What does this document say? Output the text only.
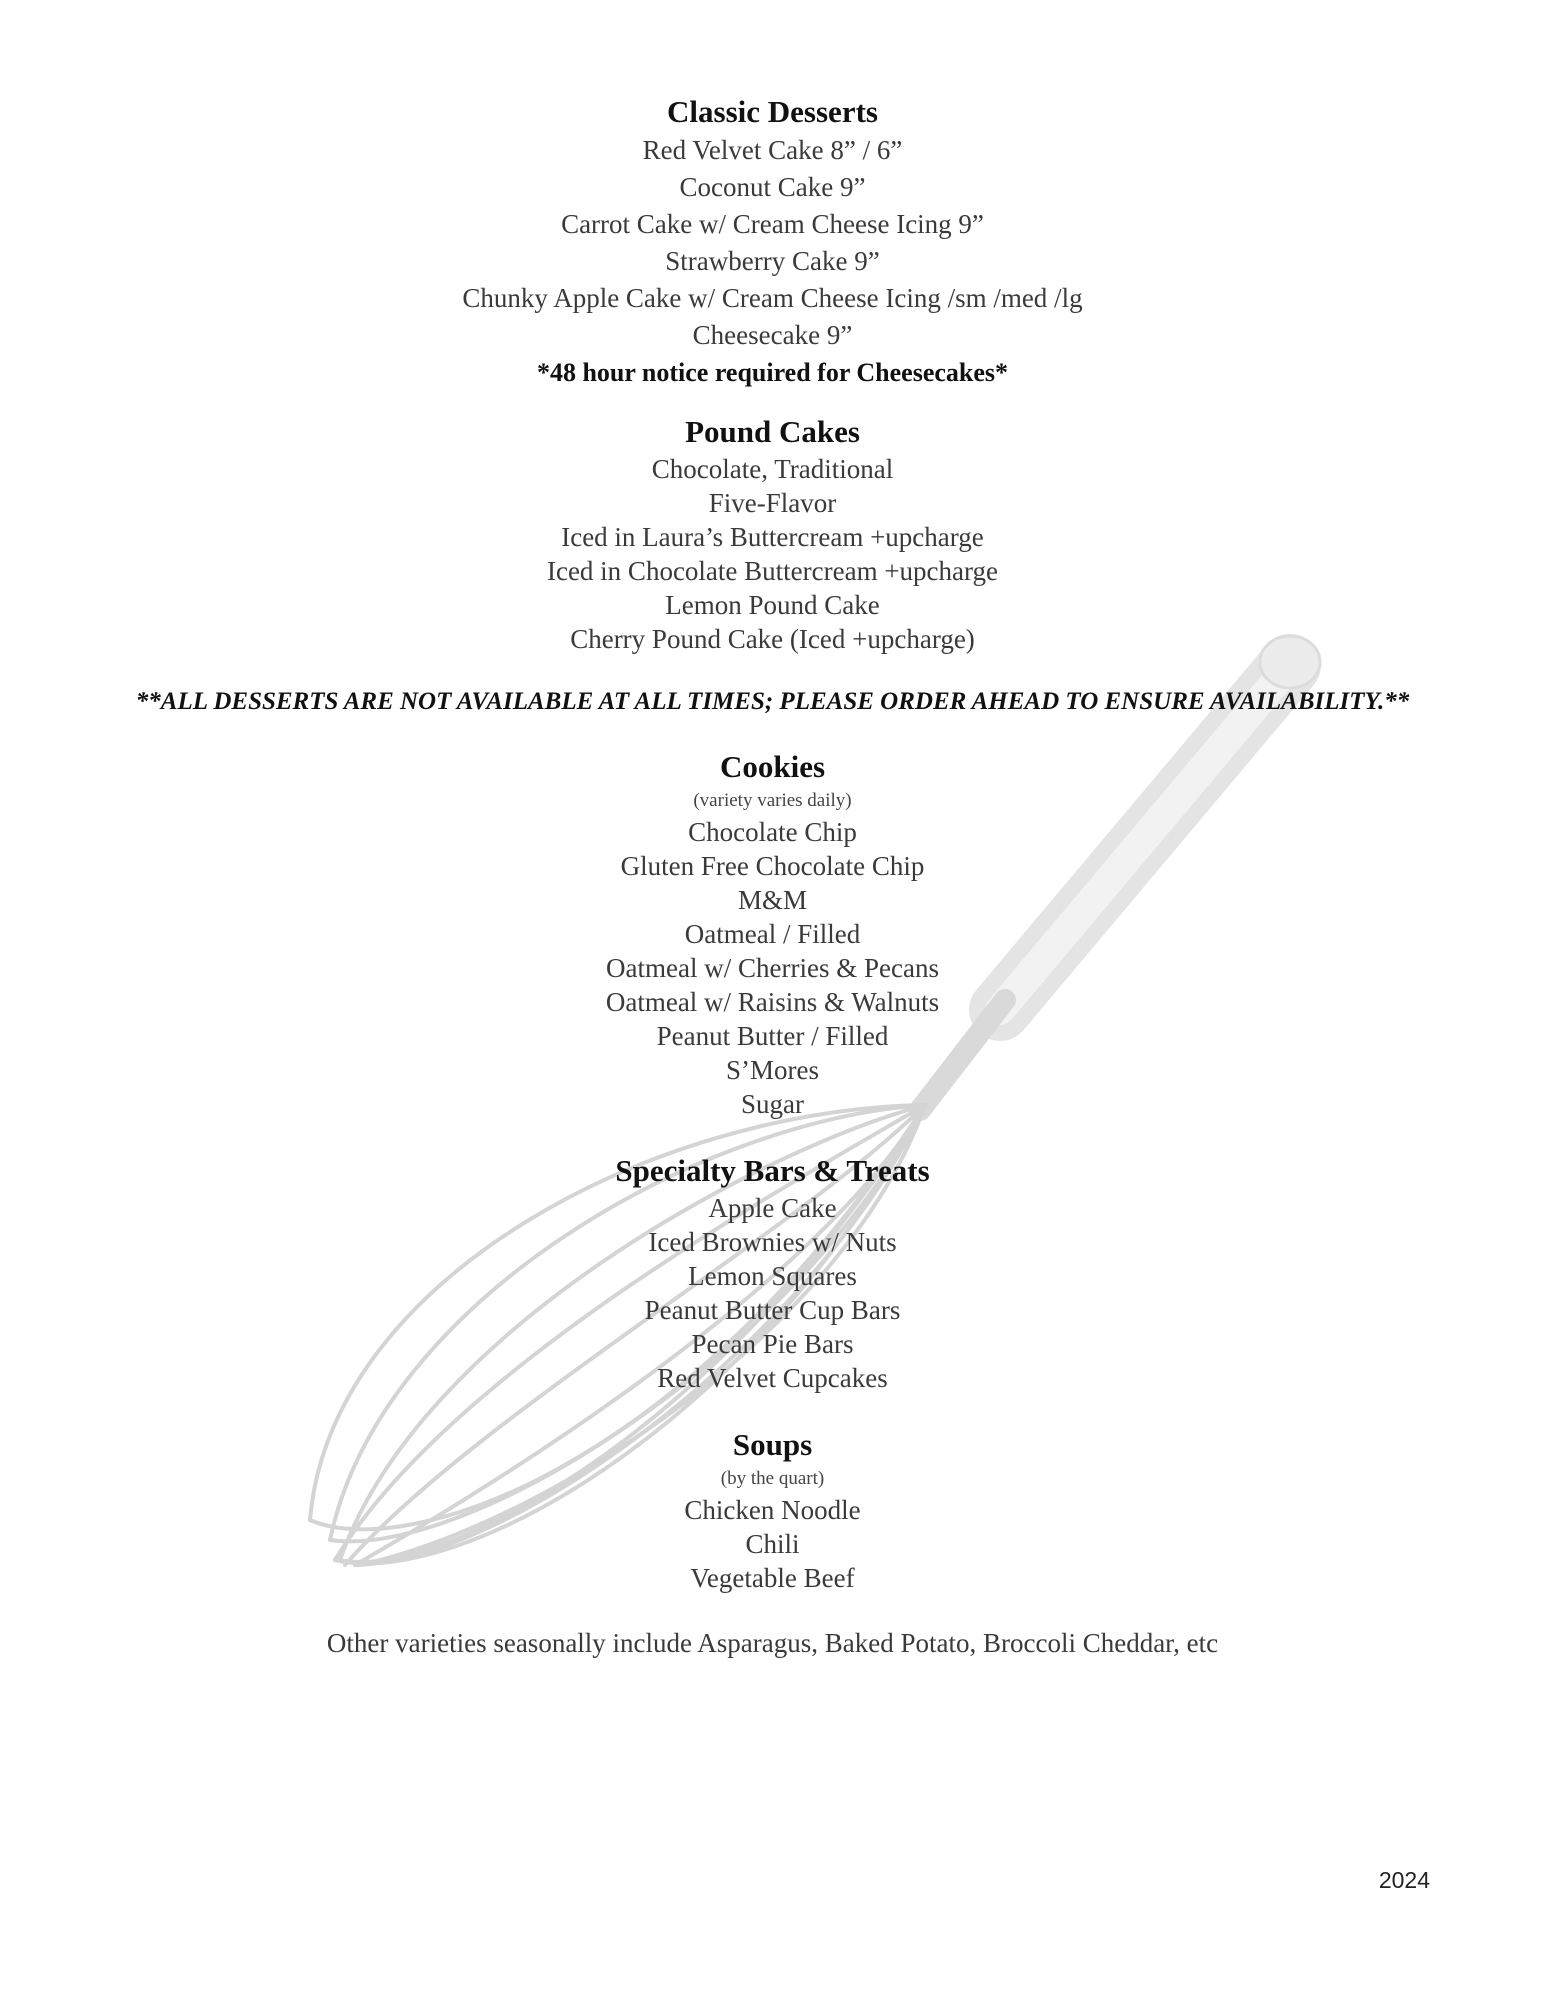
Classic Desserts

Red Velvet Cake 8” / 6”

Coconut Cake 9”

Carrot Cake w/ Cream Cheese Icing 9”

Strawberry Cake 9”

Chunky Apple Cake w/ Cream Cheese Icing /sm /med /lg

Cheesecake 9”

*48 hour notice required for Cheesecakes*

Pound Cakes

Chocolate, Traditional

Five-Flavor

Iced in Laura’s Buttercream +upcharge

Iced in Chocolate Buttercream +upcharge

Lemon Pound Cake

Cherry Pound Cake (Iced +upcharge)

**ALL DESSERTS ARE NOT AVAILABLE AT ALL TIMES; PLEASE ORDER AHEAD TO ENSURE AVAILABILITY.**

Cookies

(variety varies daily)

Chocolate Chip

Gluten Free Chocolate Chip

M&M

Oatmeal / Filled

Oatmeal w/ Cherries & Pecans

Oatmeal w/ Raisins & Walnuts

Peanut Butter / Filled

S’Mores

Sugar

Specialty Bars & Treats

Apple Cake

Iced Brownies w/ Nuts

Lemon Squares

Peanut Butter Cup Bars

Pecan Pie Bars

Red Velvet Cupcakes

Soups

(by the quart)

Chicken Noodle

Chili

Vegetable Beef

Other varieties seasonally include Asparagus, Baked Potato, Broccoli Cheddar, etc

2024
